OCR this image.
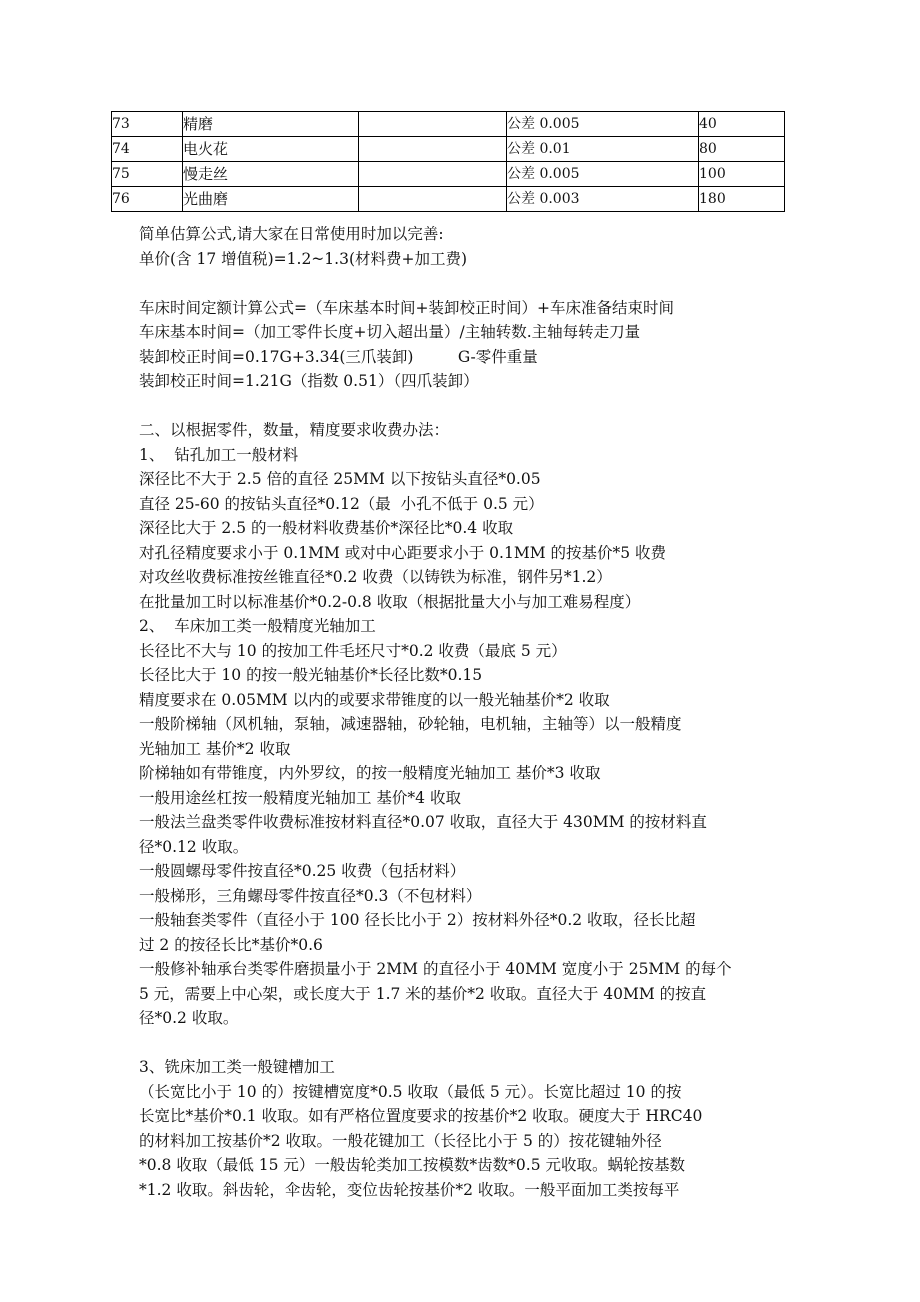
73	精磨		公差 0.005	40
74	电火花		公差 0.01	80
75	慢走丝		公差 0.005	100
76	光曲磨		公差 0.003	180

简单估算公式,请大家在日常使用时加以完善:

单价(含 17 增值税)=1.2~1.3(材料费+加工费)

车床时间定额计算公式=（车床基本时间+装卸校正时间）+车床准备结束时间

车床基本时间=（加工零件长度+切入超出量）/主轴转数.主轴每转走刀量

装卸校正时间=0.17G+3.34(三爪装卸)         G-零件重量

装卸校正时间=1.21G（指数 0.51）（四爪装卸）

二、以根据零件，数量，精度要求收费办法：

1、  钻孔加工一般材料

深径比不大于 2.5 倍的直径 25MM 以下按钻头直径*0.05

直径 25-60 的按钻头直径*0.12（最  小孔不低于 0.5 元）

深径比大于 2.5 的一般材料收费基价*深径比*0.4 收取

对孔径精度要求小于 0.1MM 或对中心距要求小于 0.1MM 的按基价*5 收费

对攻丝收费标准按丝锥直径*0.2 收费（以铸铁为标准，钢件另*1.2）

在批量加工时以标准基价*0.2-0.8 收取（根据批量大小与加工难易程度）

2、  车床加工类一般精度光轴加工

长径比不大与 10 的按加工件毛坯尺寸*0.2 收费（最底 5 元）

长径比大于 10 的按一般光轴基价*长径比数*0.15

精度要求在 0.05MM 以内的或要求带锥度的以一般光轴基价*2 收取

一般阶梯轴（风机轴，泵轴，减速器轴，砂轮轴，电机轴，主轴等）以一般精度

光轴加工 基价*2 收取

阶梯轴如有带锥度，内外罗纹，的按一般精度光轴加工 基价*3 收取

一般用途丝杠按一般精度光轴加工 基价*4 收取

一般法兰盘类零件收费标准按材料直径*0.07 收取，直径大于 430MM 的按材料直

径*0.12 收取。

一般圆螺母零件按直径*0.25 收费（包括材料）

一般梯形，三角螺母零件按直径*0.3（不包材料）

一般轴套类零件（直径小于 100 径长比小于 2）按材料外径*0.2 收取，径长比超

过 2 的按径长比*基价*0.6

一般修补轴承台类零件磨损量小于 2MM 的直径小于 40MM 宽度小于 25MM 的每个

5 元，需要上中心架，或长度大于 1.7 米的基价*2 收取。直径大于 40MM 的按直

径*0.2 收取。

3、铣床加工类一般键槽加工

（长宽比小于 10 的）按键槽宽度*0.5 收取（最低 5 元）。长宽比超过 10 的按

长宽比*基价*0.1 收取。如有严格位置度要求的按基价*2 收取。硬度大于 HRC40

的材料加工按基价*2 收取。一般花键加工（长径比小于 5 的）按花键轴外径

*0.8 收取（最低 15 元）一般齿轮类加工按模数*齿数*0.5 元收取。蜗轮按基数

*1.2 收取。斜齿轮，伞齿轮，变位齿轮按基价*2 收取。一般平面加工类按每平
